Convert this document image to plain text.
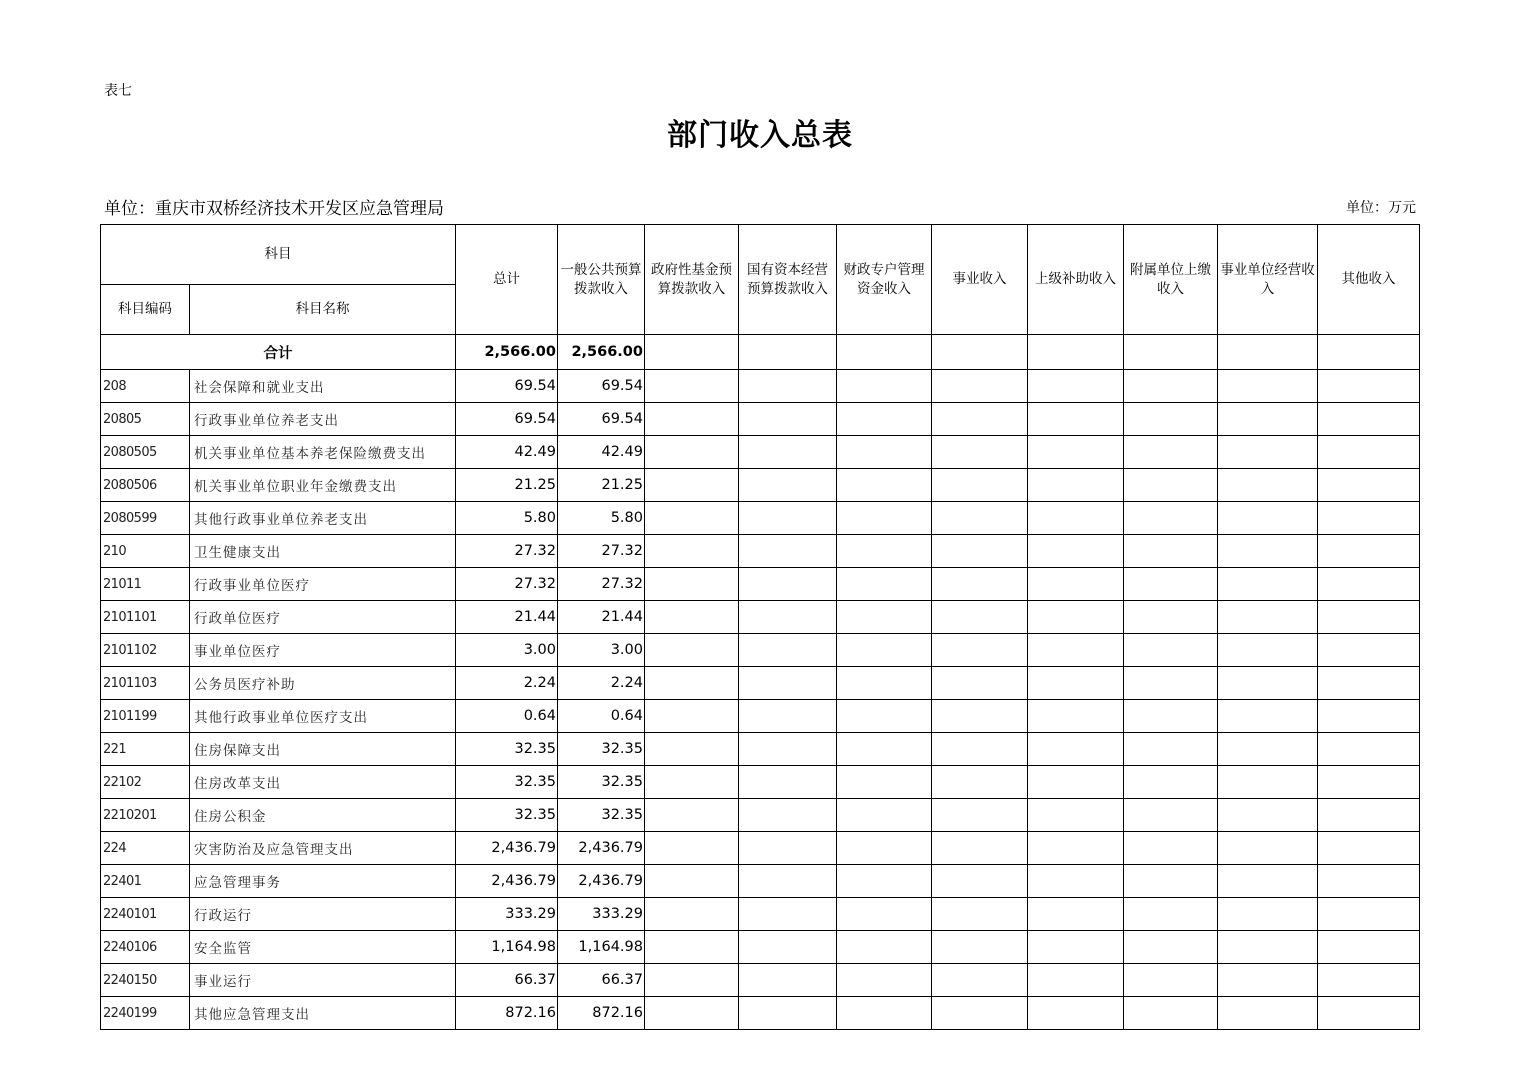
表七
部门收入总表
单位：重庆市双桥经济技术开发区应急管理局	单位：万元
科目		总计	一般公共预算拨款收入	政府性基金预算拨款收入	国有资本经营预算拨款收入	财政专户管理资金收入	事业收入	上级补助收入	附属单位上缴收入	事业单位经营收入	其他收入
科目编码	科目名称										
合计		2,566.00	2,566.00								
208	社会保障和就业支出	69.54	69.54								
20805	行政事业单位养老支出	69.54	69.54								
2080505	机关事业单位基本养老保险缴费支出	42.49	42.49								
2080506	机关事业单位职业年金缴费支出	21.25	21.25								
2080599	其他行政事业单位养老支出	5.80	5.80								
210	卫生健康支出	27.32	27.32								
21011	行政事业单位医疗	27.32	27.32								
2101101	行政单位医疗	21.44	21.44								
2101102	事业单位医疗	3.00	3.00								
2101103	公务员医疗补助	2.24	2.24								
2101199	其他行政事业单位医疗支出	0.64	0.64								
221	住房保障支出	32.35	32.35								
22102	住房改革支出	32.35	32.35								
2210201	住房公积金	32.35	32.35								
224	灾害防治及应急管理支出	2,436.79	2,436.79								
22401	应急管理事务	2,436.79	2,436.79								
2240101	行政运行	333.29	333.29								
2240106	安全监管	1,164.98	1,164.98								
2240150	事业运行	66.37	66.37								
2240199	其他应急管理支出	872.16	872.16								
